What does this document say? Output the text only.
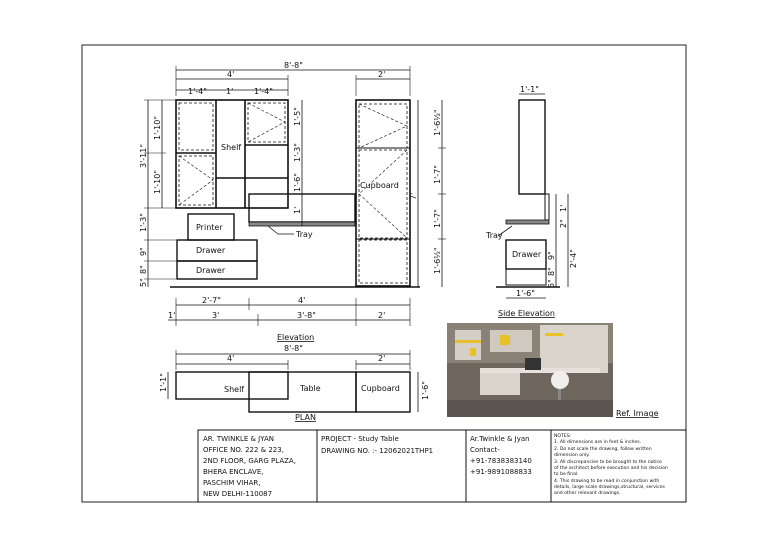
Shelf
Cupboard
Printer
Drawer
Drawer
Tray
8'-8"
4'	2'
1'-4" 1'	1'-4"
3'-11"
1'-10"
1'-10"
1'-3"
9"
8"
5"
1'-5"
1'-3"
1'-6"
1'
7'
1'-6½"
1'-7"
1'-7"
1'-6½"
2'-7"	4'
1'	3'	3'-8"	2'
Elevation
1'-1"
1'-6"
Tray
Drawer
1'
2"
2'-4"
9"
8"
5"
Side Elevation
8'-8"
4'	2'
Shelf	Table	Cupboard
1'-1"	1'-6"
PLAN	Ref. Image
AR. TWINKLE & JYAN
OFFICE NO. 222 & 223,
2ND FLOOR, GARG PLAZA,
BHERA ENCLAVE,
PASCHIM VIHAR,
NEW DELHI-110087
PROJECT - Study Table
DRAWING NO. :- 12062021THP1
Ar.Twinkle & Jyan
Contact-
+91-7838383140
+91-9891088833
NOTES:
1. All dimensions are in feet & inches.
2. Do not scale the drawing, follow written
dimension only.
3. All discrepancies to be brought to the notice
of the architect before execution and his decision
to be final.
4. This drawing to be read in conjunction with
details, large scale drawings,structural, services
and other relevant drawings.
